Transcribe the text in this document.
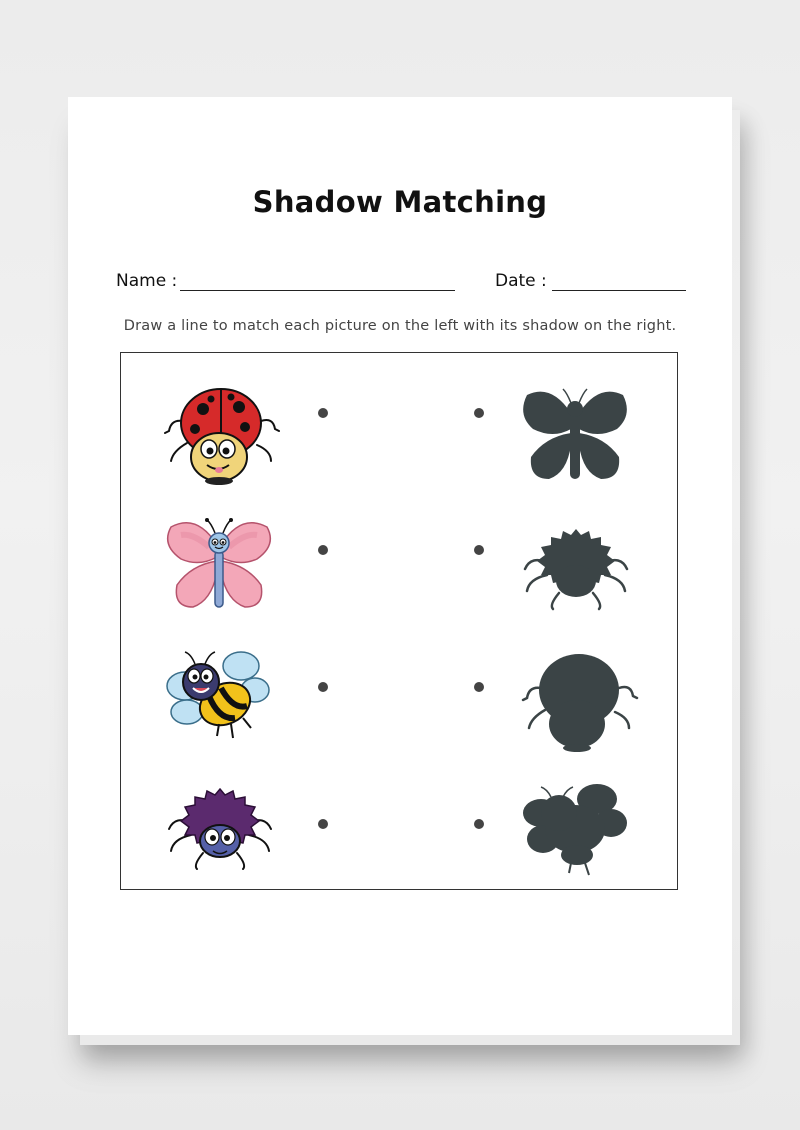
Shadow Matching
Name :	Date :
Draw a line to match each picture on the left with its shadow on the right.
